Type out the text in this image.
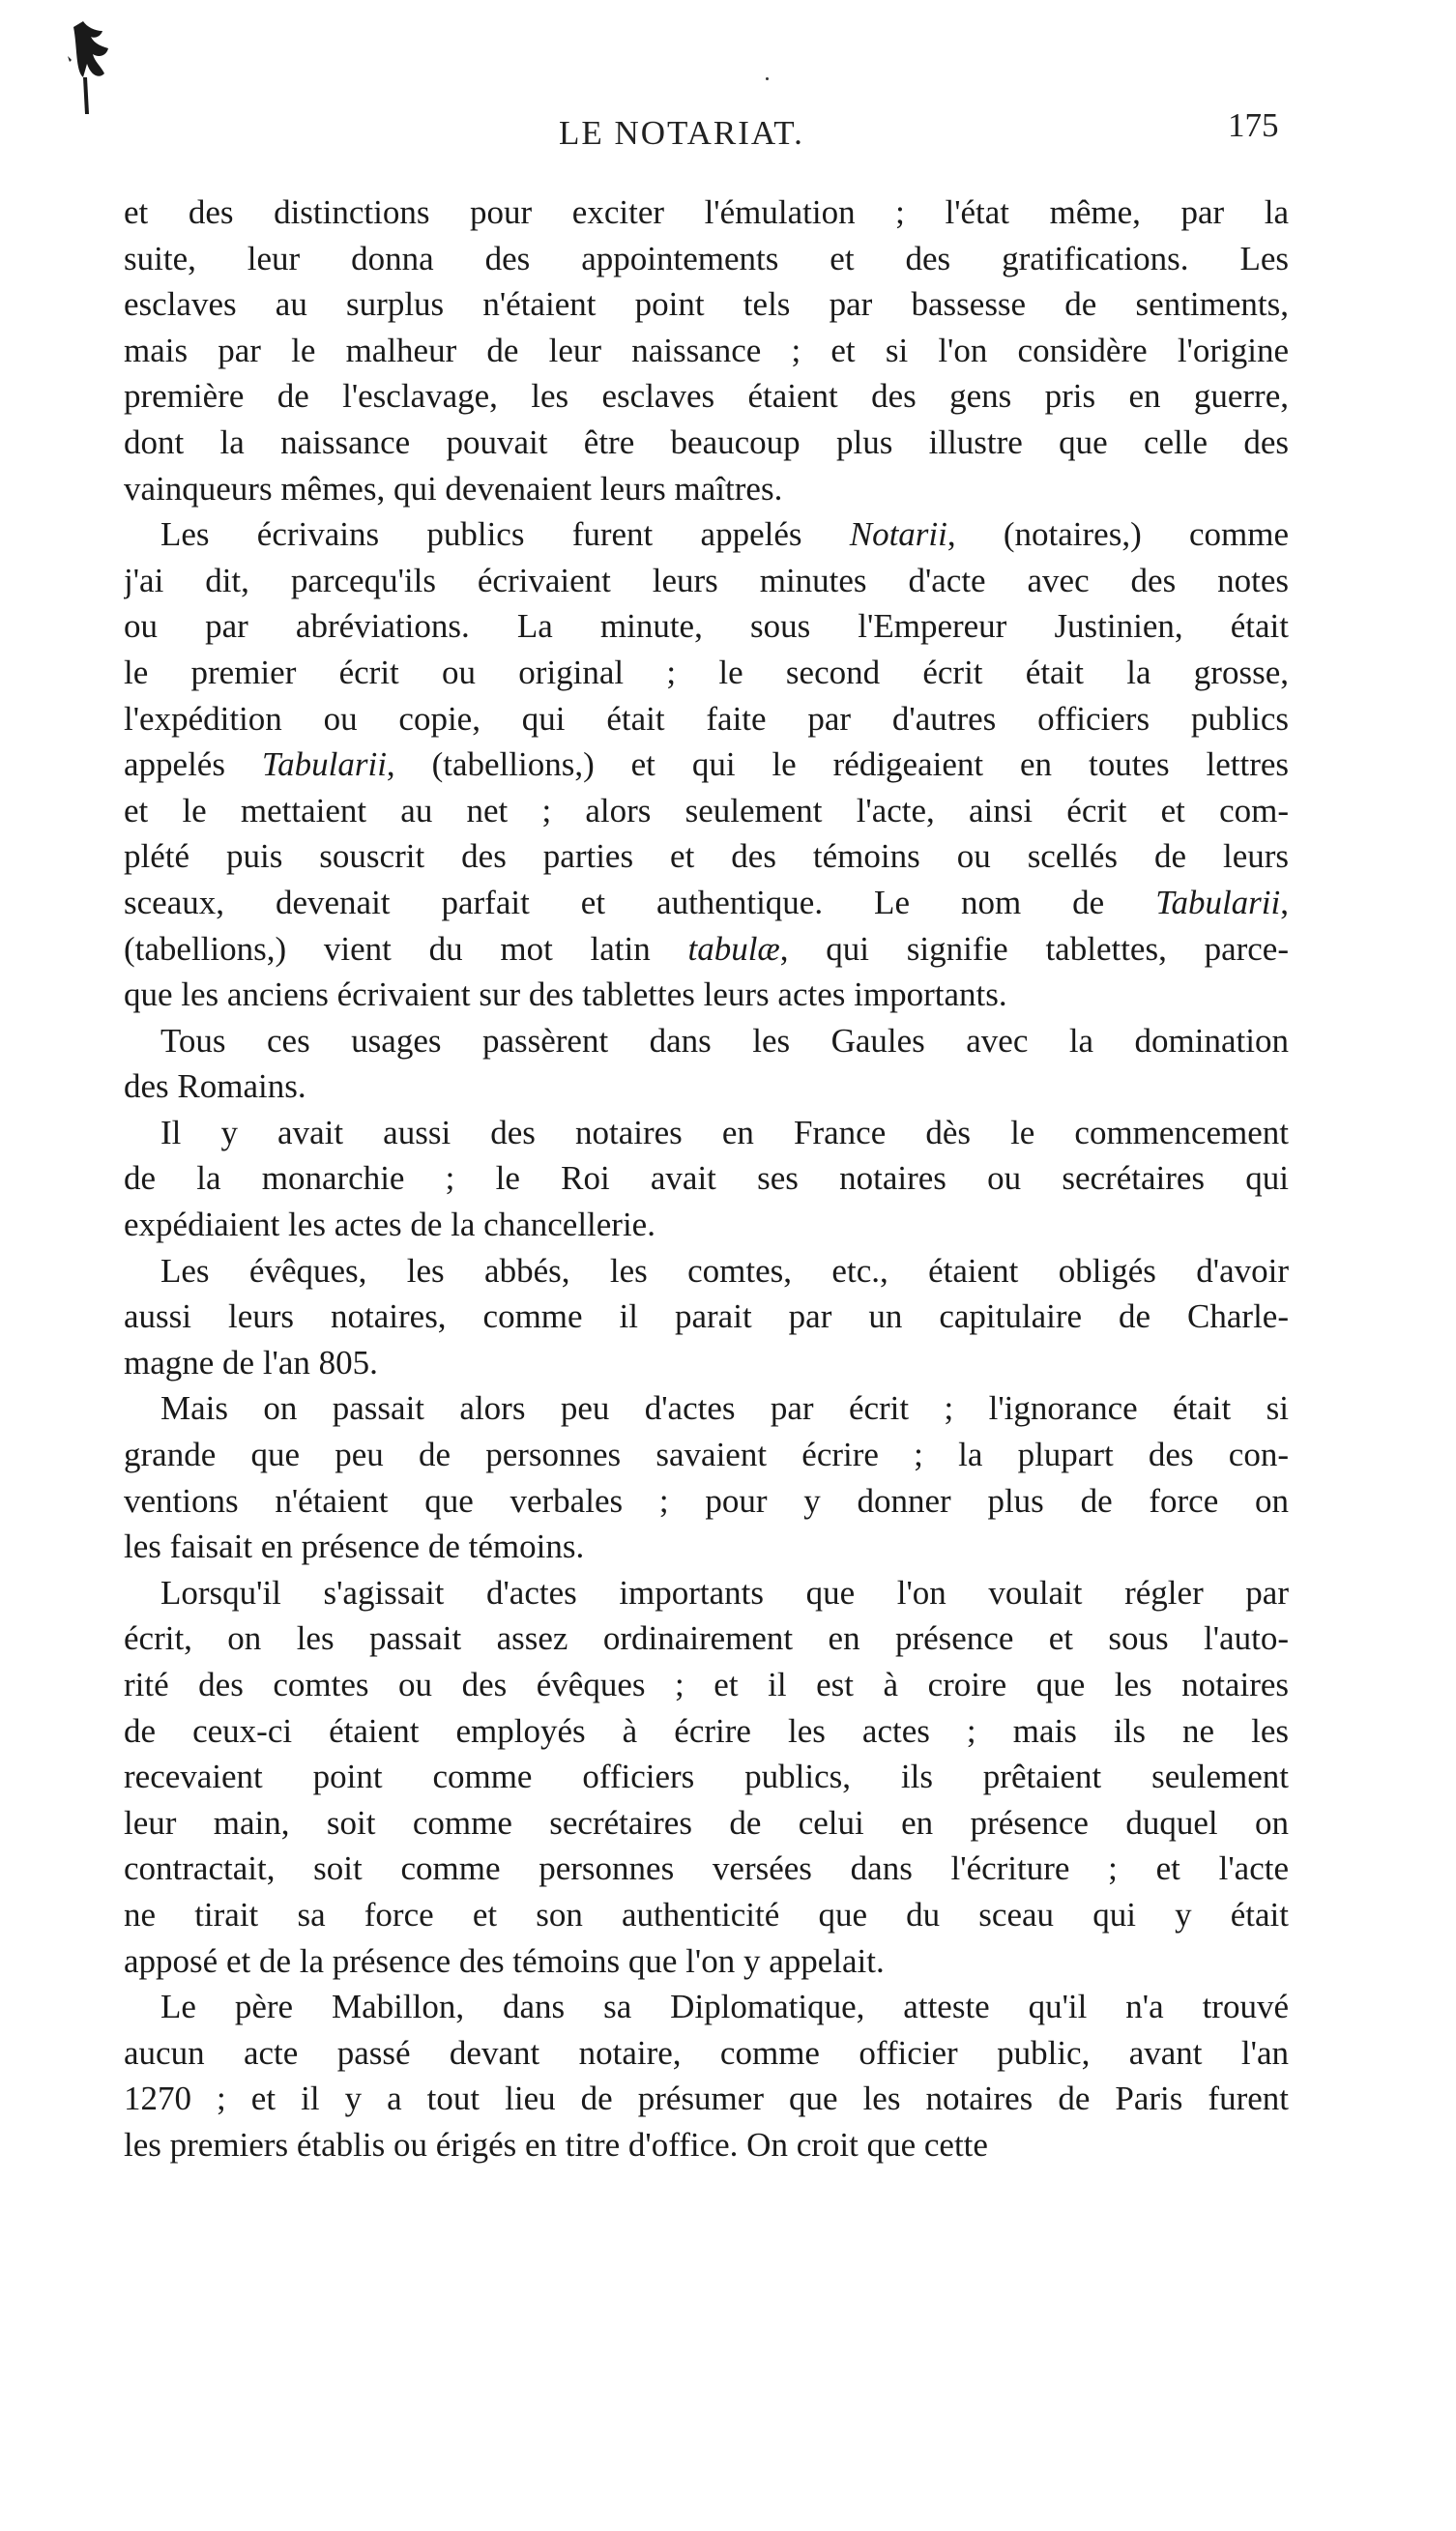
LE NOTARIAT.	175
et des distinctions pour exciter l'émulation ; l'état même, par la
suite, leur donna des appointements et des gratifications. Les
esclaves au surplus n'étaient point tels par bassesse de sentiments,
mais par le malheur de leur naissance ; et si l'on considère l'origine
première de l'esclavage, les esclaves étaient des gens pris en guerre,
dont la naissance pouvait être beaucoup plus illustre que celle des
vainqueurs mêmes, qui devenaient leurs maîtres.
Les écrivains publics furent appelés Notarii, (notaires,) comme
j'ai dit, parcequ'ils écrivaient leurs minutes d'acte avec des notes
ou par abréviations. La minute, sous l'Empereur Justinien, était
le premier écrit ou original ; le second écrit était la grosse,
l'expédition ou copie, qui était faite par d'autres officiers publics
appelés Tabularii, (tabellions,) et qui le rédigeaient en toutes lettres
et le mettaient au net ; alors seulement l'acte, ainsi écrit et com-
plété puis souscrit des parties et des témoins ou scellés de leurs
sceaux, devenait parfait et authentique. Le nom de Tabularii,
(tabellions,) vient du mot latin tabulæ, qui signifie tablettes, parce-
que les anciens écrivaient sur des tablettes leurs actes importants.
Tous ces usages passèrent dans les Gaules avec la domination
des Romains.
Il y avait aussi des notaires en France dès le commencement
de la monarchie ; le Roi avait ses notaires ou secrétaires qui
expédiaient les actes de la chancellerie.
Les évêques, les abbés, les comtes, etc., étaient obligés d'avoir
aussi leurs notaires, comme il parait par un capitulaire de Charle-
magne de l'an 805.
Mais on passait alors peu d'actes par écrit ; l'ignorance était si
grande que peu de personnes savaient écrire ; la plupart des con-
ventions n'étaient que verbales ; pour y donner plus de force on
les faisait en présence de témoins.
Lorsqu'il s'agissait d'actes importants que l'on voulait régler par
écrit, on les passait assez ordinairement en présence et sous l'auto-
rité des comtes ou des évêques ; et il est à croire que les notaires
de ceux-ci étaient employés à écrire les actes ; mais ils ne les
recevaient point comme officiers publics, ils prêtaient seulement
leur main, soit comme secrétaires de celui en présence duquel on
contractait, soit comme personnes versées dans l'écriture ; et l'acte
ne tirait sa force et son authenticité que du sceau qui y était
apposé et de la présence des témoins que l'on y appelait.
Le père Mabillon, dans sa Diplomatique, atteste qu'il n'a trouvé
aucun acte passé devant notaire, comme officier public, avant l'an
1270 ; et il y a tout lieu de présumer que les notaires de Paris furent
les premiers établis ou érigés en titre d'office. On croit que cette
